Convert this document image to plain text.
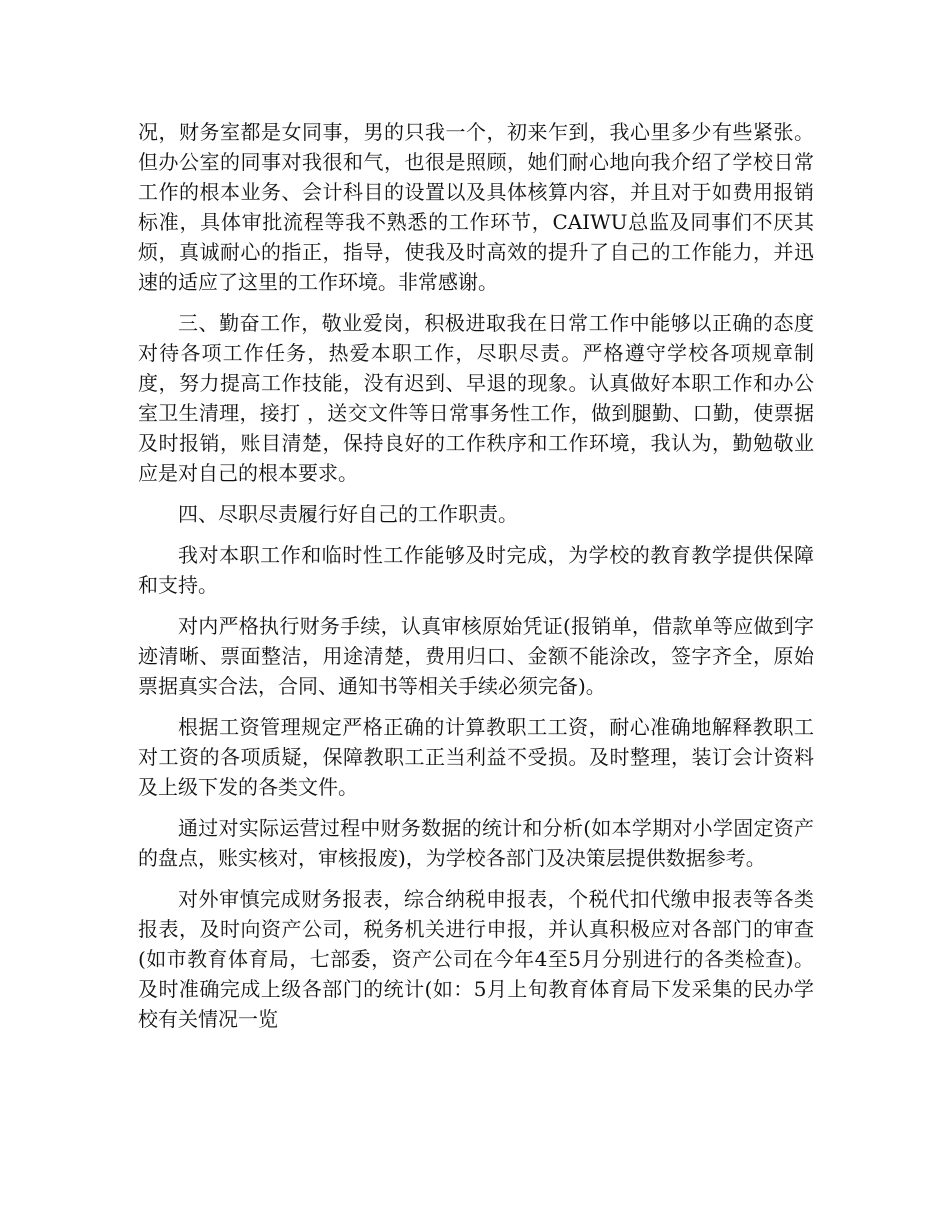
况，财务室都是女同事，男的只我一个，初来乍到，我心里多少有些紧张。但办公室的同事对我很和气，也很是照顾，她们耐心地向我介绍了学校日常工作的根本业务、会计科目的设置以及具体核算内容，并且对于如费用报销标准，具体审批流程等我不熟悉的工作环节，CAIWU总监及同事们不厌其烦，真诚耐心的指正，指导，使我及时高效的提升了自己的工作能力，并迅速的适应了这里的工作环境。非常感谢。

三、勤奋工作，敬业爱岗，积极进取我在日常工作中能够以正确的态度对待各项工作任务，热爱本职工作，尽职尽责。严格遵守学校各项规章制度，努力提高工作技能，没有迟到、早退的现象。认真做好本职工作和办公室卫生清理，接打 ，送交文件等日常事务性工作，做到腿勤、口勤，使票据及时报销，账目清楚，保持良好的工作秩序和工作环境，我认为，勤勉敬业应是对自己的根本要求。

四、尽职尽责履行好自己的工作职责。

我对本职工作和临时性工作能够及时完成，为学校的教育教学提供保障和支持。

对内严格执行财务手续，认真审核原始凭证(报销单，借款单等应做到字迹清晰、票面整洁，用途清楚，费用归口、金额不能涂改，签字齐全，原始票据真实合法，合同、通知书等相关手续必须完备)。

根据工资管理规定严格正确的计算教职工工资，耐心准确地解释教职工对工资的各项质疑，保障教职工正当利益不受损。及时整理，装订会计资料及上级下发的各类文件。

通过对实际运营过程中财务数据的统计和分析(如本学期对小学固定资产的盘点，账实核对，审核报废)，为学校各部门及决策层提供数据参考。

对外审慎完成财务报表，综合纳税申报表，个税代扣代缴申报表等各类报表，及时向资产公司，税务机关进行申报，并认真积极应对各部门的审查(如市教育体育局，七部委，资产公司在今年4至5月分别进行的各类检查)。及时准确完成上级各部门的统计(如：5月上旬教育体育局下发采集的民办学校有关情况一览
